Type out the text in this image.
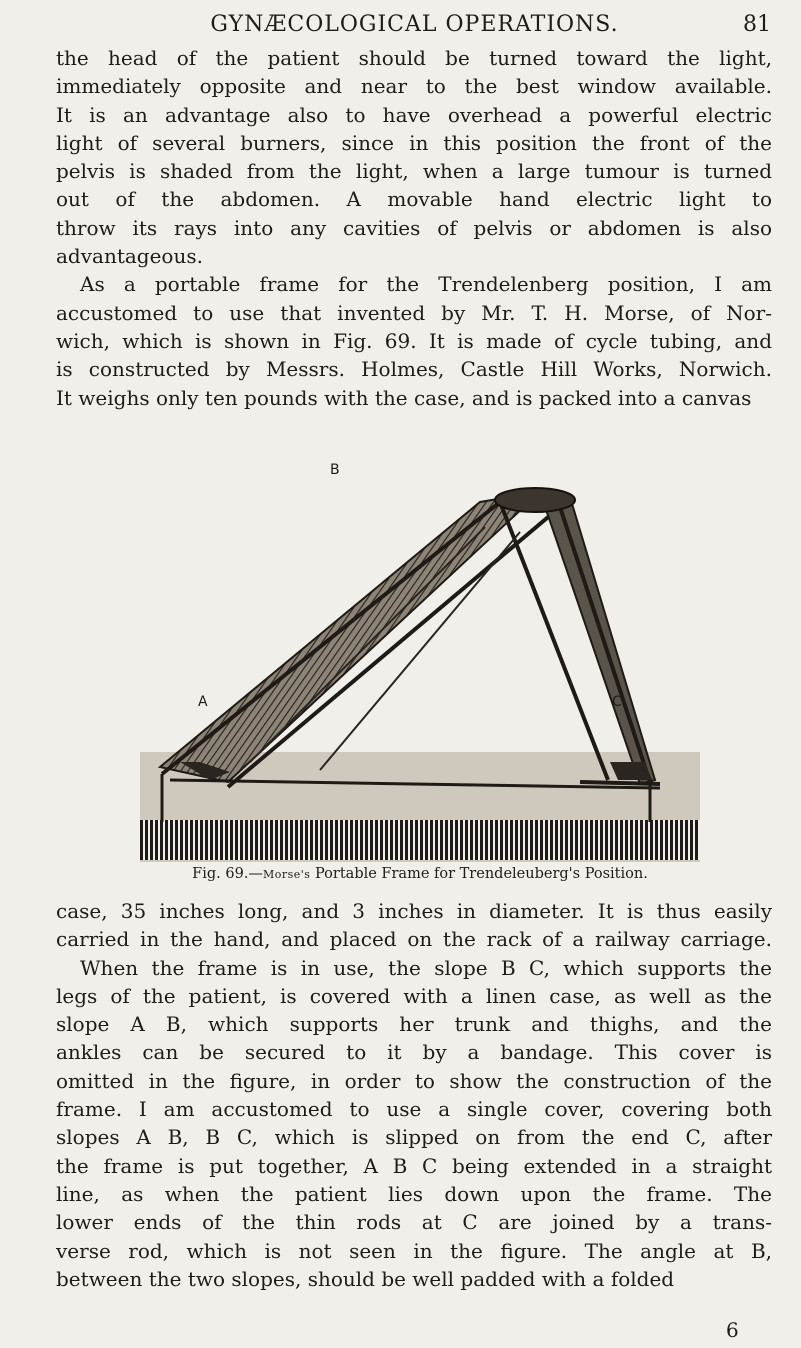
GYNÆCOLOGICAL OPERATIONS.	81
the head of the patient should be turned toward the light,
immediately opposite and near to the best window available.
It is an advantage also to have overhead a powerful electric
light of several burners, since in this position the front of the
pelvis is shaded from the light, when a large tumour is turned
out of the abdomen. A movable hand electric light to
throw its rays into any cavities of pelvis or abdomen is also
advantageous.
As a portable frame for the Trendelenberg position, I am
accustomed to use that invented by Mr. T. H. Morse, of Nor-
wich, which is shown in Fig. 69. It is made of cycle tubing, and
is constructed by Messrs. Holmes, Castle Hill Works, Norwich.
It weighs only ten pounds with the case, and is packed into a canvas
B
A	C
Fig. 69.—Morse's Portable Frame for Trendeleuberg's Position.
case, 35 inches long, and 3 inches in diameter. It is thus easily
carried in the hand, and placed on the rack of a railway carriage.
When the frame is in use, the slope B C, which supports the
legs of the patient, is covered with a linen case, as well as the
slope A B, which supports her trunk and thighs, and the
ankles can be secured to it by a bandage. This cover is
omitted in the figure, in order to show the construction of the
frame. I am accustomed to use a single cover, covering both
slopes A B, B C, which is slipped on from the end C, after
the frame is put together, A B C being extended in a straight
line, as when the patient lies down upon the frame. The
lower ends of the thin rods at C are joined by a trans-
verse rod, which is not seen in the figure. The angle at B,
between the two slopes, should be well padded with a folded
6
